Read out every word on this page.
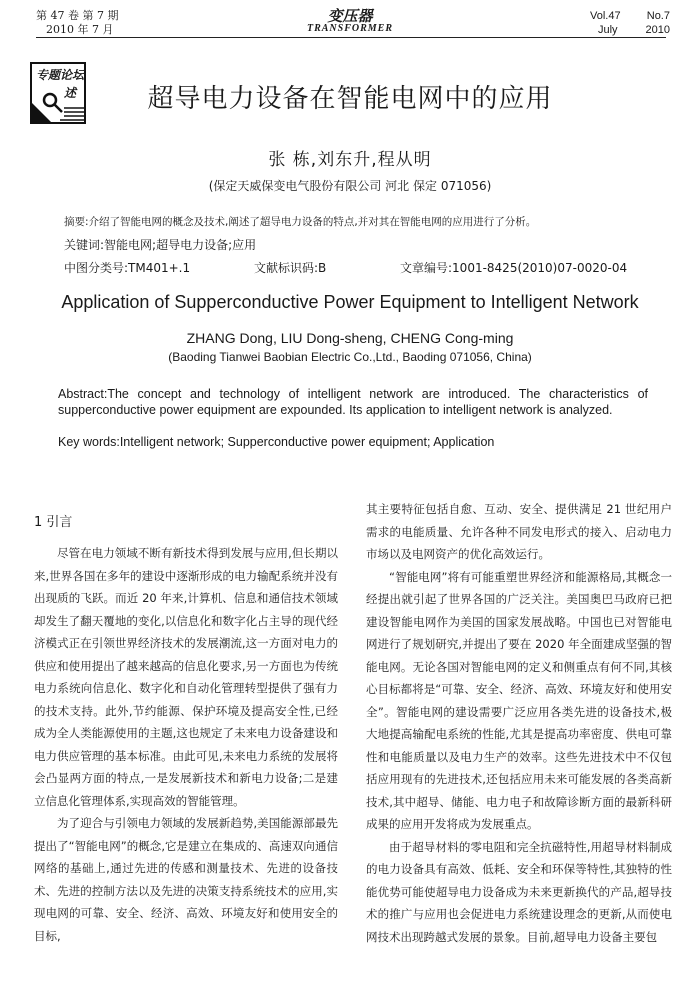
第 47 卷 第 7 期
2010 年 7 月
变压器
TRANSFORMER
Vol.47 No.7
July	2010
专题 论坛
述	超导电力设备在智能电网中的应用
张 栋,刘东升,程从明
(保定天威保变电气股份有限公司 河北 保定 071056)
摘要:介绍了智能电网的概念及技术,阐述了超导电力设备的特点,并对其在智能电网的应用进行了分析。
关键词:智能电网;超导电力设备;应用
中图分类号:TM401+.1	文献标识码:B	文章编号:1001-8425(2010)07-0020-04
Application of Supperconductive Power Equipment to Intelligent Network
ZHANG Dong, LIU Dong-sheng, CHENG Cong-ming
(Baoding Tianwei Baobian Electric Co.,Ltd., Baoding 071056, China)
Abstract:The concept and technology of intelligent network are introduced. The characteristics of supperconductive power equipment are expounded. Its application to intelligent network is analyzed.
Key words:Intelligent network; Supperconductive power equipment; Application
1 引言

尽管在电力领域不断有新技术得到发展与应用,但长期以来,世界各国在多年的建设中逐渐形成的电力输配系统并没有出现质的飞跃。而近 20 年来,计算机、信息和通信技术领域却发生了翻天覆地的变化,以信息化和数字化占主导的现代经济模式正在引领世界经济技术的发展潮流,这一方面对电力的供应和使用提出了越来越高的信息化要求,另一方面也为传统电力系统向信息化、数字化和自动化管理转型提供了强有力的技术支持。此外,节约能源、保护环境及提高安全性,已经成为全人类能源使用的主题,这也规定了未来电力设备建设和电力供应管理的基本标准。由此可见,未来电力系统的发展将会凸显两方面的特点,一是发展新技术和新电力设备;二是建立信息化管理体系,实现高效的智能管理。

为了迎合与引领电力领域的发展新趋势,美国能源部最先提出了“智能电网”的概念,它是建立在集成的、高速双向通信网络的基础上,通过先进的传感和测量技术、先进的设备技术、先进的控制方法以及先进的决策支持系统技术的应用,实现电网的可靠、安全、经济、高效、环境友好和使用安全的目标,

其主要特征包括自愈、互动、安全、提供满足 21 世纪用户需求的电能质量、允许各种不同发电形式的接入、启动电力市场以及电网资产的优化高效运行。

“智能电网”将有可能重塑世界经济和能源格局,其概念一经提出就引起了世界各国的广泛关注。美国奥巴马政府已把建设智能电网作为美国的国家发展战略。中国也已对智能电网进行了规划研究,并提出了要在 2020 年全面建成坚强的智能电网。无论各国对智能电网的定义和侧重点有何不同,其核心目标都将是“可靠、安全、经济、高效、环境友好和使用安全”。智能电网的建设需要广泛应用各类先进的设备技术,极大地提高输配电系统的性能,尤其是提高功率密度、供电可靠性和电能质量以及电力生产的效率。这些先进技术中不仅包括应用现有的先进技术,还包括应用未来可能发展的各类高新技术,其中超导、储能、电力电子和故障诊断方面的最新科研成果的应用开发将成为发展重点。

由于超导材料的零电阻和完全抗磁特性,用超导材料制成的电力设备具有高效、低耗、安全和环保等特性,其独特的性能优势可能使超导电力设备成为未来更新换代的产品,超导技术的推广与应用也会促进电力系统建设理念的更新,从而使电网技术出现跨越式发展的景象。目前,超导电力设备主要包
